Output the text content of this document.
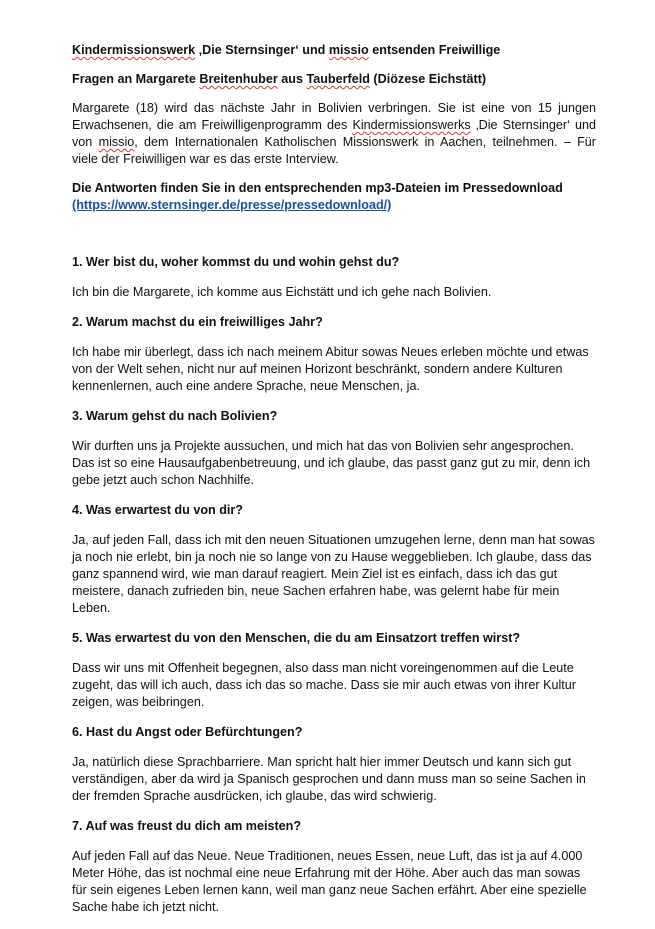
Kindermissionswerk ‚Die Sternsinger‘ und missio entsenden Freiwillige

Fragen an Margarete Breitenhuber aus Tauberfeld (Diözese Eichstätt)

Margarete (18) wird das nächste Jahr in Bolivien verbringen. Sie ist eine von 15 jungen Erwachsenen, die am Freiwilligenprogramm des Kindermissionswerks ‚Die Sternsinger‘ und von missio, dem Internationalen Katholischen Missionswerk in Aachen, teilnehmen. – Für viele der Freiwilligen war es das erste Interview.

Die Antworten finden Sie in den entsprechenden mp3-Dateien im Pressedownload
(https://www.sternsinger.de/presse/pressedownload/)

1. Wer bist du, woher kommst du und wohin gehst du?

Ich bin die Margarete, ich komme aus Eichstätt und ich gehe nach Bolivien.

2. Warum machst du ein freiwilliges Jahr?

Ich habe mir überlegt, dass ich nach meinem Abitur sowas Neues erleben möchte und etwas von der Welt sehen, nicht nur auf meinen Horizont beschränkt, sondern andere Kulturen kennenlernen, auch eine andere Sprache, neue Menschen, ja.

3. Warum gehst du nach Bolivien?

Wir durften uns ja Projekte aussuchen, und mich hat das von Bolivien sehr angesprochen. Das ist so eine Hausaufgabenbetreuung, und ich glaube, das passt ganz gut zu mir, denn ich gebe jetzt auch schon Nachhilfe.

4. Was erwartest du von dir?

Ja, auf jeden Fall, dass ich mit den neuen Situationen umzugehen lerne, denn man hat sowas ja noch nie erlebt, bin ja noch nie so lange von zu Hause weggeblieben. Ich glaube, dass das ganz spannend wird, wie man darauf reagiert. Mein Ziel ist es einfach, dass ich das gut meistere, danach zufrieden bin, neue Sachen erfahren habe, was gelernt habe für mein Leben.

5. Was erwartest du von den Menschen, die du am Einsatzort treffen wirst?

Dass wir uns mit Offenheit begegnen, also dass man nicht voreingenommen auf die Leute zugeht, das will ich auch, dass ich das so mache. Dass sie mir auch etwas von ihrer Kultur zeigen, was beibringen.

6. Hast du Angst oder Befürchtungen?

Ja, natürlich diese Sprachbarriere. Man spricht halt hier immer Deutsch und kann sich gut verständigen, aber da wird ja Spanisch gesprochen und dann muss man so seine Sachen in der fremden Sprache ausdrücken, ich glaube, das wird schwierig.

7. Auf was freust du dich am meisten?

Auf jeden Fall auf das Neue. Neue Traditionen, neues Essen, neue Luft, das ist ja auf 4.000 Meter Höhe, das ist nochmal eine neue Erfahrung mit der Höhe. Aber auch das man sowas für sein eigenes Leben lernen kann, weil man ganz neue Sachen erfährt. Aber eine spezielle Sache habe ich jetzt nicht.
